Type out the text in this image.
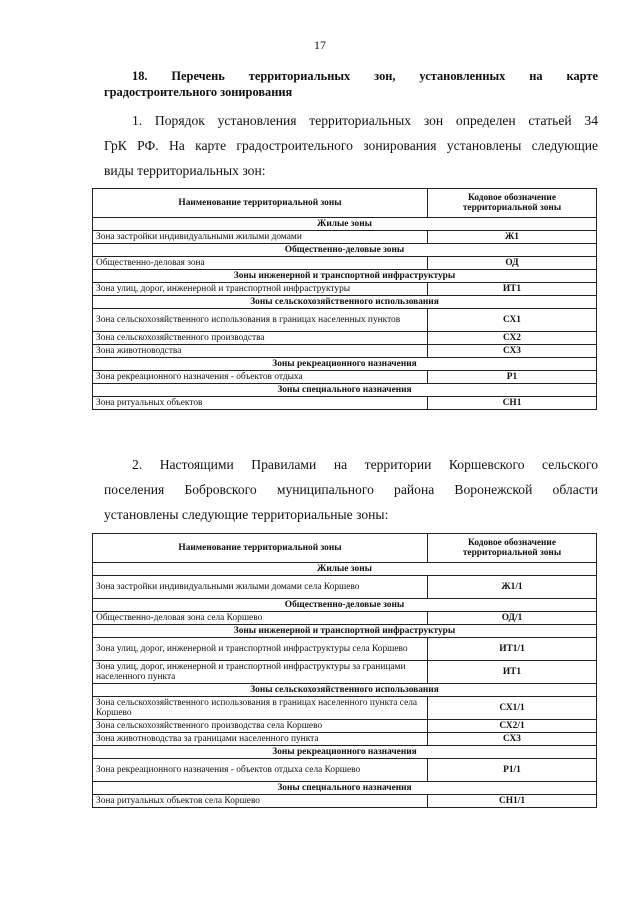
17
18. Перечень территориальных зон, установленных на карте
градостроительного зонирования
1. Порядок установления территориальных зон определен статьей 34
ГрК РФ. На карте градостроительного зонирования установлены следующие
виды территориальных зон:
Наименование территориальной зоны	Кодовое обозначение территориальной зоны
Жилые зоны	
Зона застройки индивидуальными жилыми домами	Ж1
Общественно-деловые зоны	
Общественно-деловая зона	ОД
Зоны инженерной и транспортной инфраструктуры	
Зона улиц, дорог, инженерной и транспортной инфраструктуры	ИТ1
Зоны сельскохозяйственного использования	
Зона сельскохозяйственного использования в границах населенных пунктов	СХ1
Зона сельскохозяйственного производства	СХ2
Зона животноводства	СХ3
Зоны рекреационного назначения	
Зона рекреационного назначения - объектов отдыха	Р1
Зоны специального назначения	
Зона ритуальных объектов	СН1
2. Настоящими Правилами на территории Коршевского сельского
поселения Бобровского муниципального района Воронежской области
установлены следующие территориальные зоны:
Наименование территориальной зоны	Кодовое обозначение территориальной зоны
Жилые зоны	
Зона застройки индивидуальными жилыми домами села Коршево	Ж1/1
Общественно-деловые зоны	
Общественно-деловая зона села Коршево	ОД/1
Зоны инженерной и транспортной инфраструктуры	
Зона улиц, дорог, инженерной и транспортной инфраструктуры села Коршево	ИТ1/1
Зона улиц, дорог, инженерной и транспортной инфраструктуры за границами населенного пункта	ИТ1
Зоны сельскохозяйственного использования	
Зона сельскохозяйственного использования в границах населенного пункта села Коршево	СХ1/1
Зона сельскохозяйственного производства села Коршево	СХ2/1
Зона животноводства за границами населенного пункта	СХ3
Зоны рекреационного назначения	
Зона рекреационного назначения - объектов отдыха села Коршево	Р1/1
Зоны специального назначения	
Зона ритуальных объектов села Коршево	СН1/1
